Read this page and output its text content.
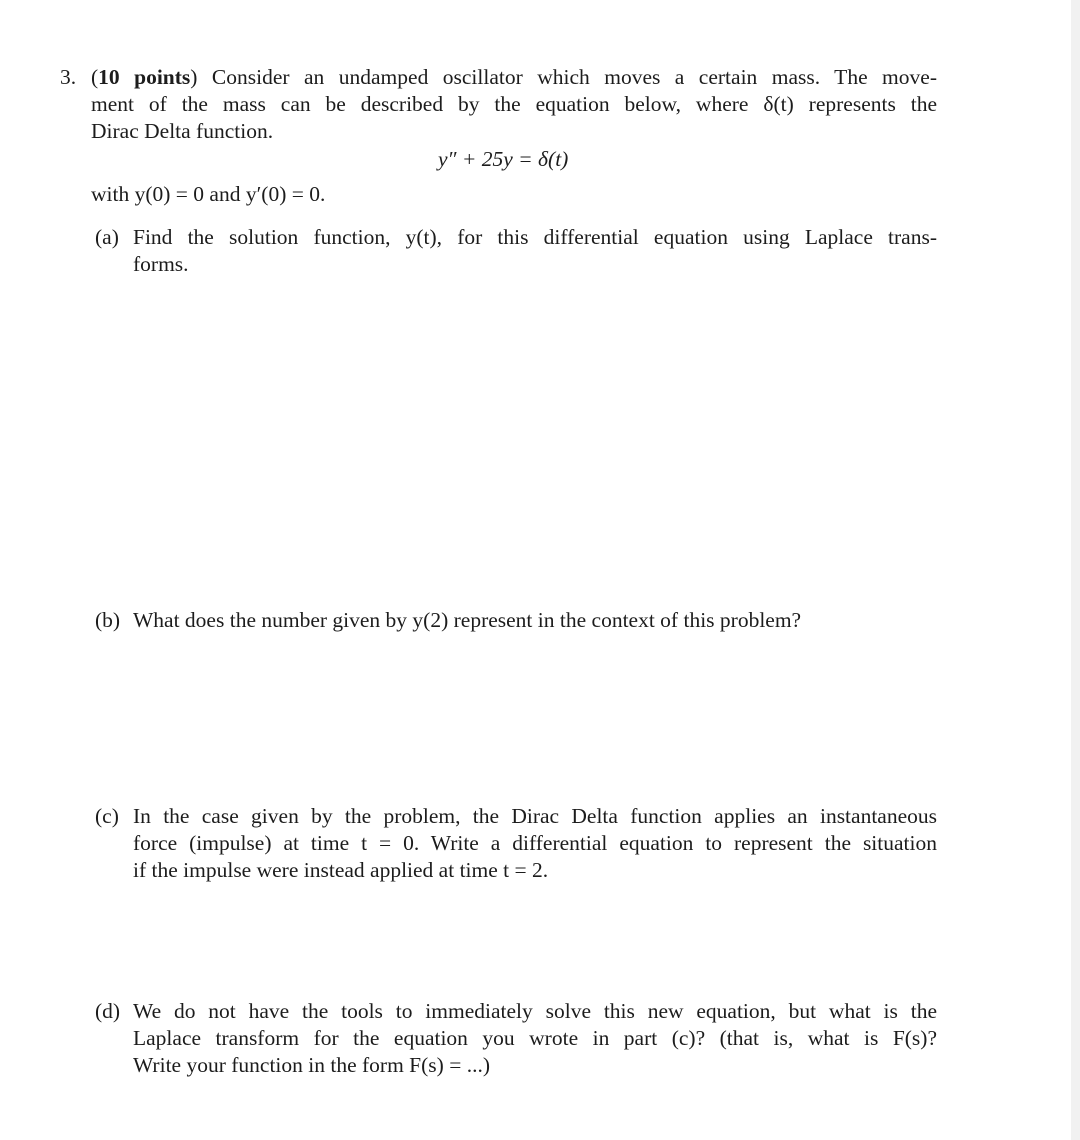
3. (10 points) Consider an undamped oscillator which moves a certain mass. The move-
ment of the mass can be described by the equation below, where δ(t) represents the
Dirac Delta function.
y″ + 25y = δ(t)
with y(0) = 0 and y′(0) = 0.
(a) Find the solution function, y(t), for this differential equation using Laplace trans-
forms.
(b) What does the number given by y(2) represent in the context of this problem?
(c) In the case given by the problem, the Dirac Delta function applies an instantaneous
force (impulse) at time t = 0. Write a differential equation to represent the situation
if the impulse were instead applied at time t = 2.
(d) We do not have the tools to immediately solve this new equation, but what is the
Laplace transform for the equation you wrote in part (c)? (that is, what is F(s)?
Write your function in the form F(s) = ...)
